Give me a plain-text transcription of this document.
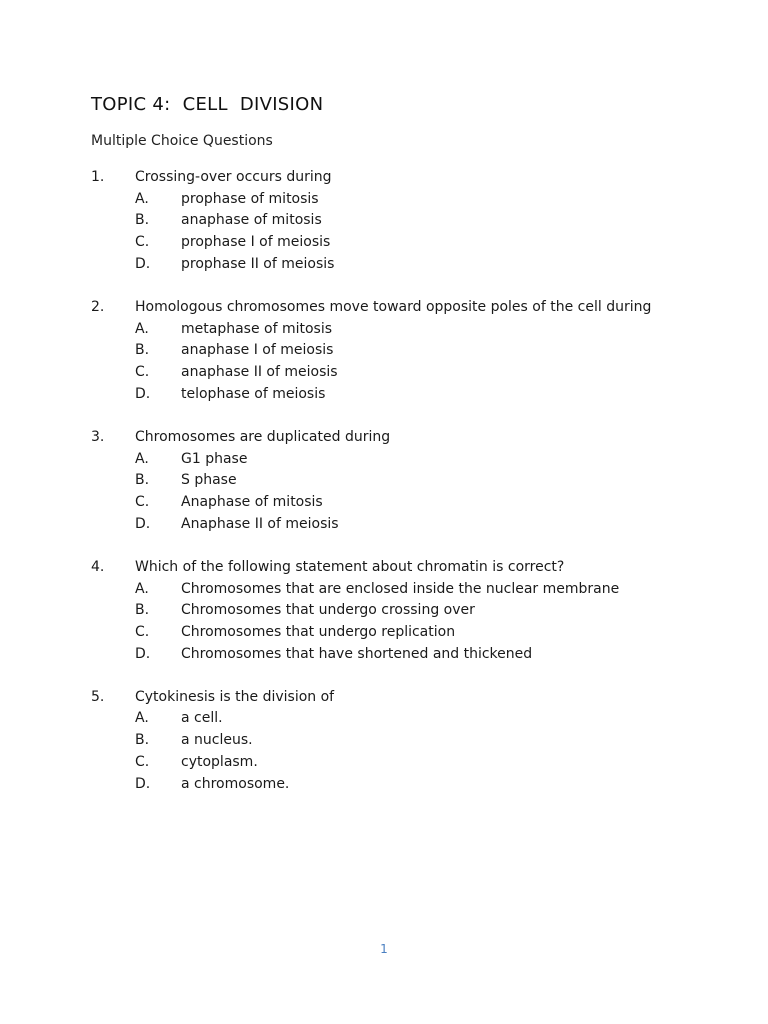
TOPIC 4:  CELL  DIVISION
Multiple Choice Questions
1.	Crossing-over occurs during
A.	prophase of mitosis
B.	anaphase of mitosis
C.	prophase I of meiosis
D.	prophase II of meiosis
2.	Homologous chromosomes move toward opposite poles of the cell during
A.	metaphase of mitosis
B.	anaphase I of meiosis
C.	anaphase II of meiosis
D.	telophase of meiosis
3.	Chromosomes are duplicated during
A.	G1 phase
B.	S phase
C.	Anaphase of mitosis
D.	Anaphase II of meiosis
4.	Which of the following statement about chromatin is correct?
A.	Chromosomes that are enclosed inside the nuclear membrane
B.	Chromosomes that undergo crossing over
C.	Chromosomes that undergo replication
D.	Chromosomes that have shortened and thickened
5.	Cytokinesis is the division of
A.	a cell.
B.	a nucleus.
C.	cytoplasm.
D.	a chromosome.
1
